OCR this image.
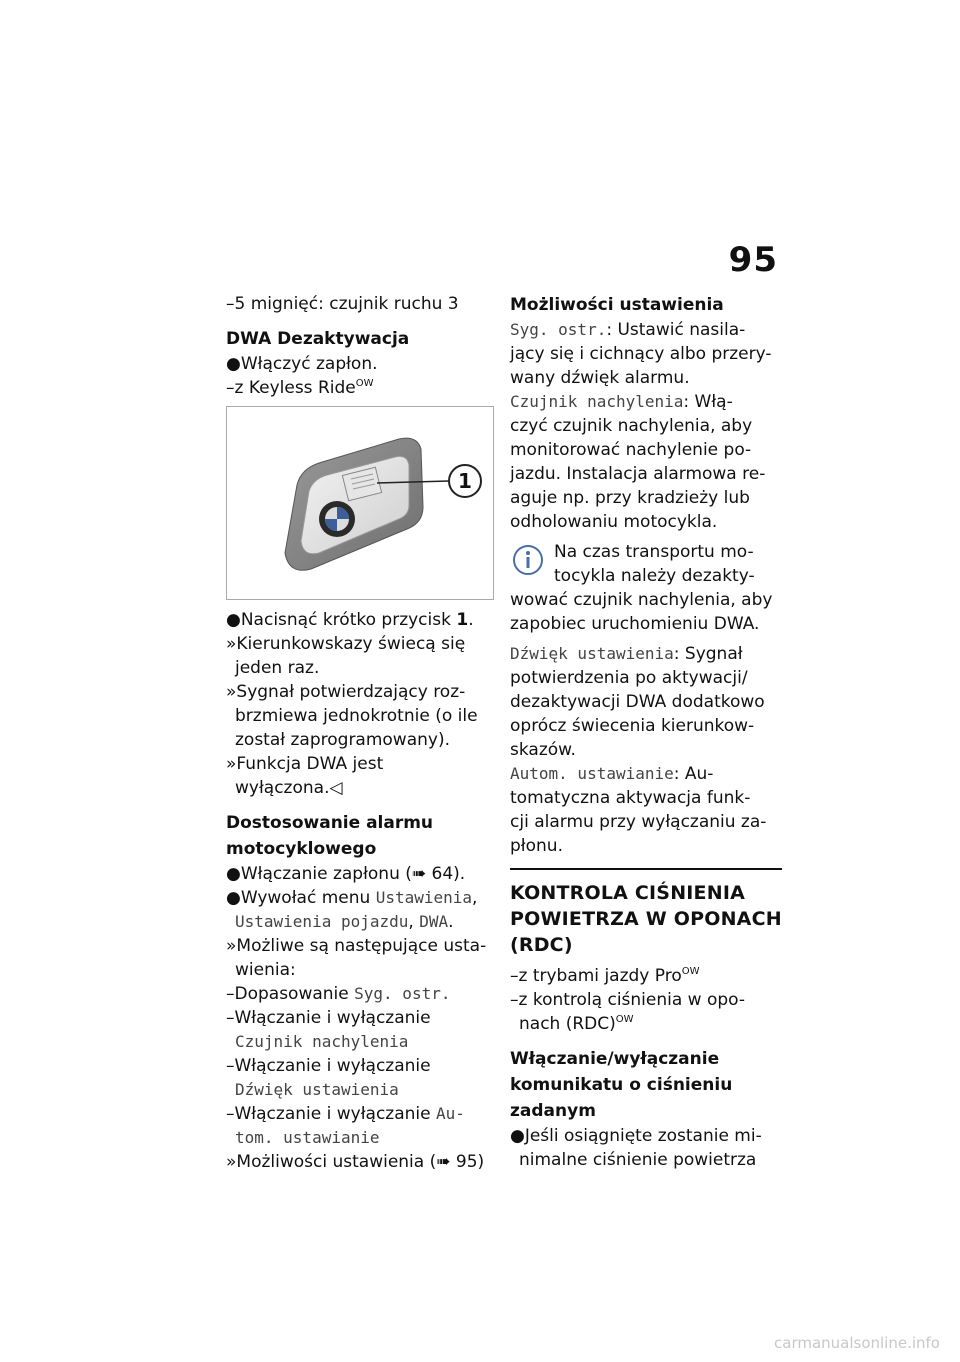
95
–5 mignięć: czujnik ruchu 3
DWA Dezaktywacja
●Włączyć zapłon.
–z Keyless Ride$^{OW}$
1
●Nacisnąć krótko przycisk 1.
»Kierunkowskazy świecą się
jeden raz.
»Sygnał potwierdzający roz-
brzmiewa jednokrotnie (o ile
został zaprogramowany).
»Funkcja DWA jest
wyłączona.◁
Dostosowanie alarmu
motocyklowego
●Włączanie zapłonu (➠ 64).
●Wywołać menu Ustawienia,
Ustawienia pojazdu, DWA.
»Możliwe są następujące usta-
wienia:
–Dopasowanie Syg. ostr.
–Włączanie i wyłączanie
Czujnik nachylenia
–Włączanie i wyłączanie
Dźwięk ustawienia
–Włączanie i wyłączanie Au-
tom. ustawianie
»Możliwości ustawienia (➠ 95)
Możliwości ustawienia
Syg. ostr.: Ustawić nasila-
jący się i cichnący albo przery-
wany dźwięk alarmu.
Czujnik nachylenia: Włą-
czyć czujnik nachylenia, aby
monitorować nachylenie po-
jazdu. Instalacja alarmowa re-
aguje np. przy kradzieży lub
odholowaniu motocykla.
Na czas transportu mo-
tocykla należy dezakty-
wować czujnik nachylenia, aby
zapobiec uruchomieniu DWA.
Dźwięk ustawienia: Sygnał
potwierdzenia po aktywacji/
dezaktywacji DWA dodatkowo
oprócz świecenia kierunkow-
skazów.
Autom. ustawianie: Au-
tomatyczna aktywacja funk-
cji alarmu przy wyłączaniu za-
płonu.
KONTROLA CIŚNIENIA
POWIETRZA W OPONACH
(RDC)
–z trybami jazdy Pro$^{OW}$
–z kontrolą ciśnienia w opo-
nach (RDC)$^{OW}$
Włączanie/wyłączanie
komunikatu o ciśnieniu
zadanym
●Jeśli osiągnięte zostanie mi-
nimalne ciśnienie powietrza
carmanualsonline.info
